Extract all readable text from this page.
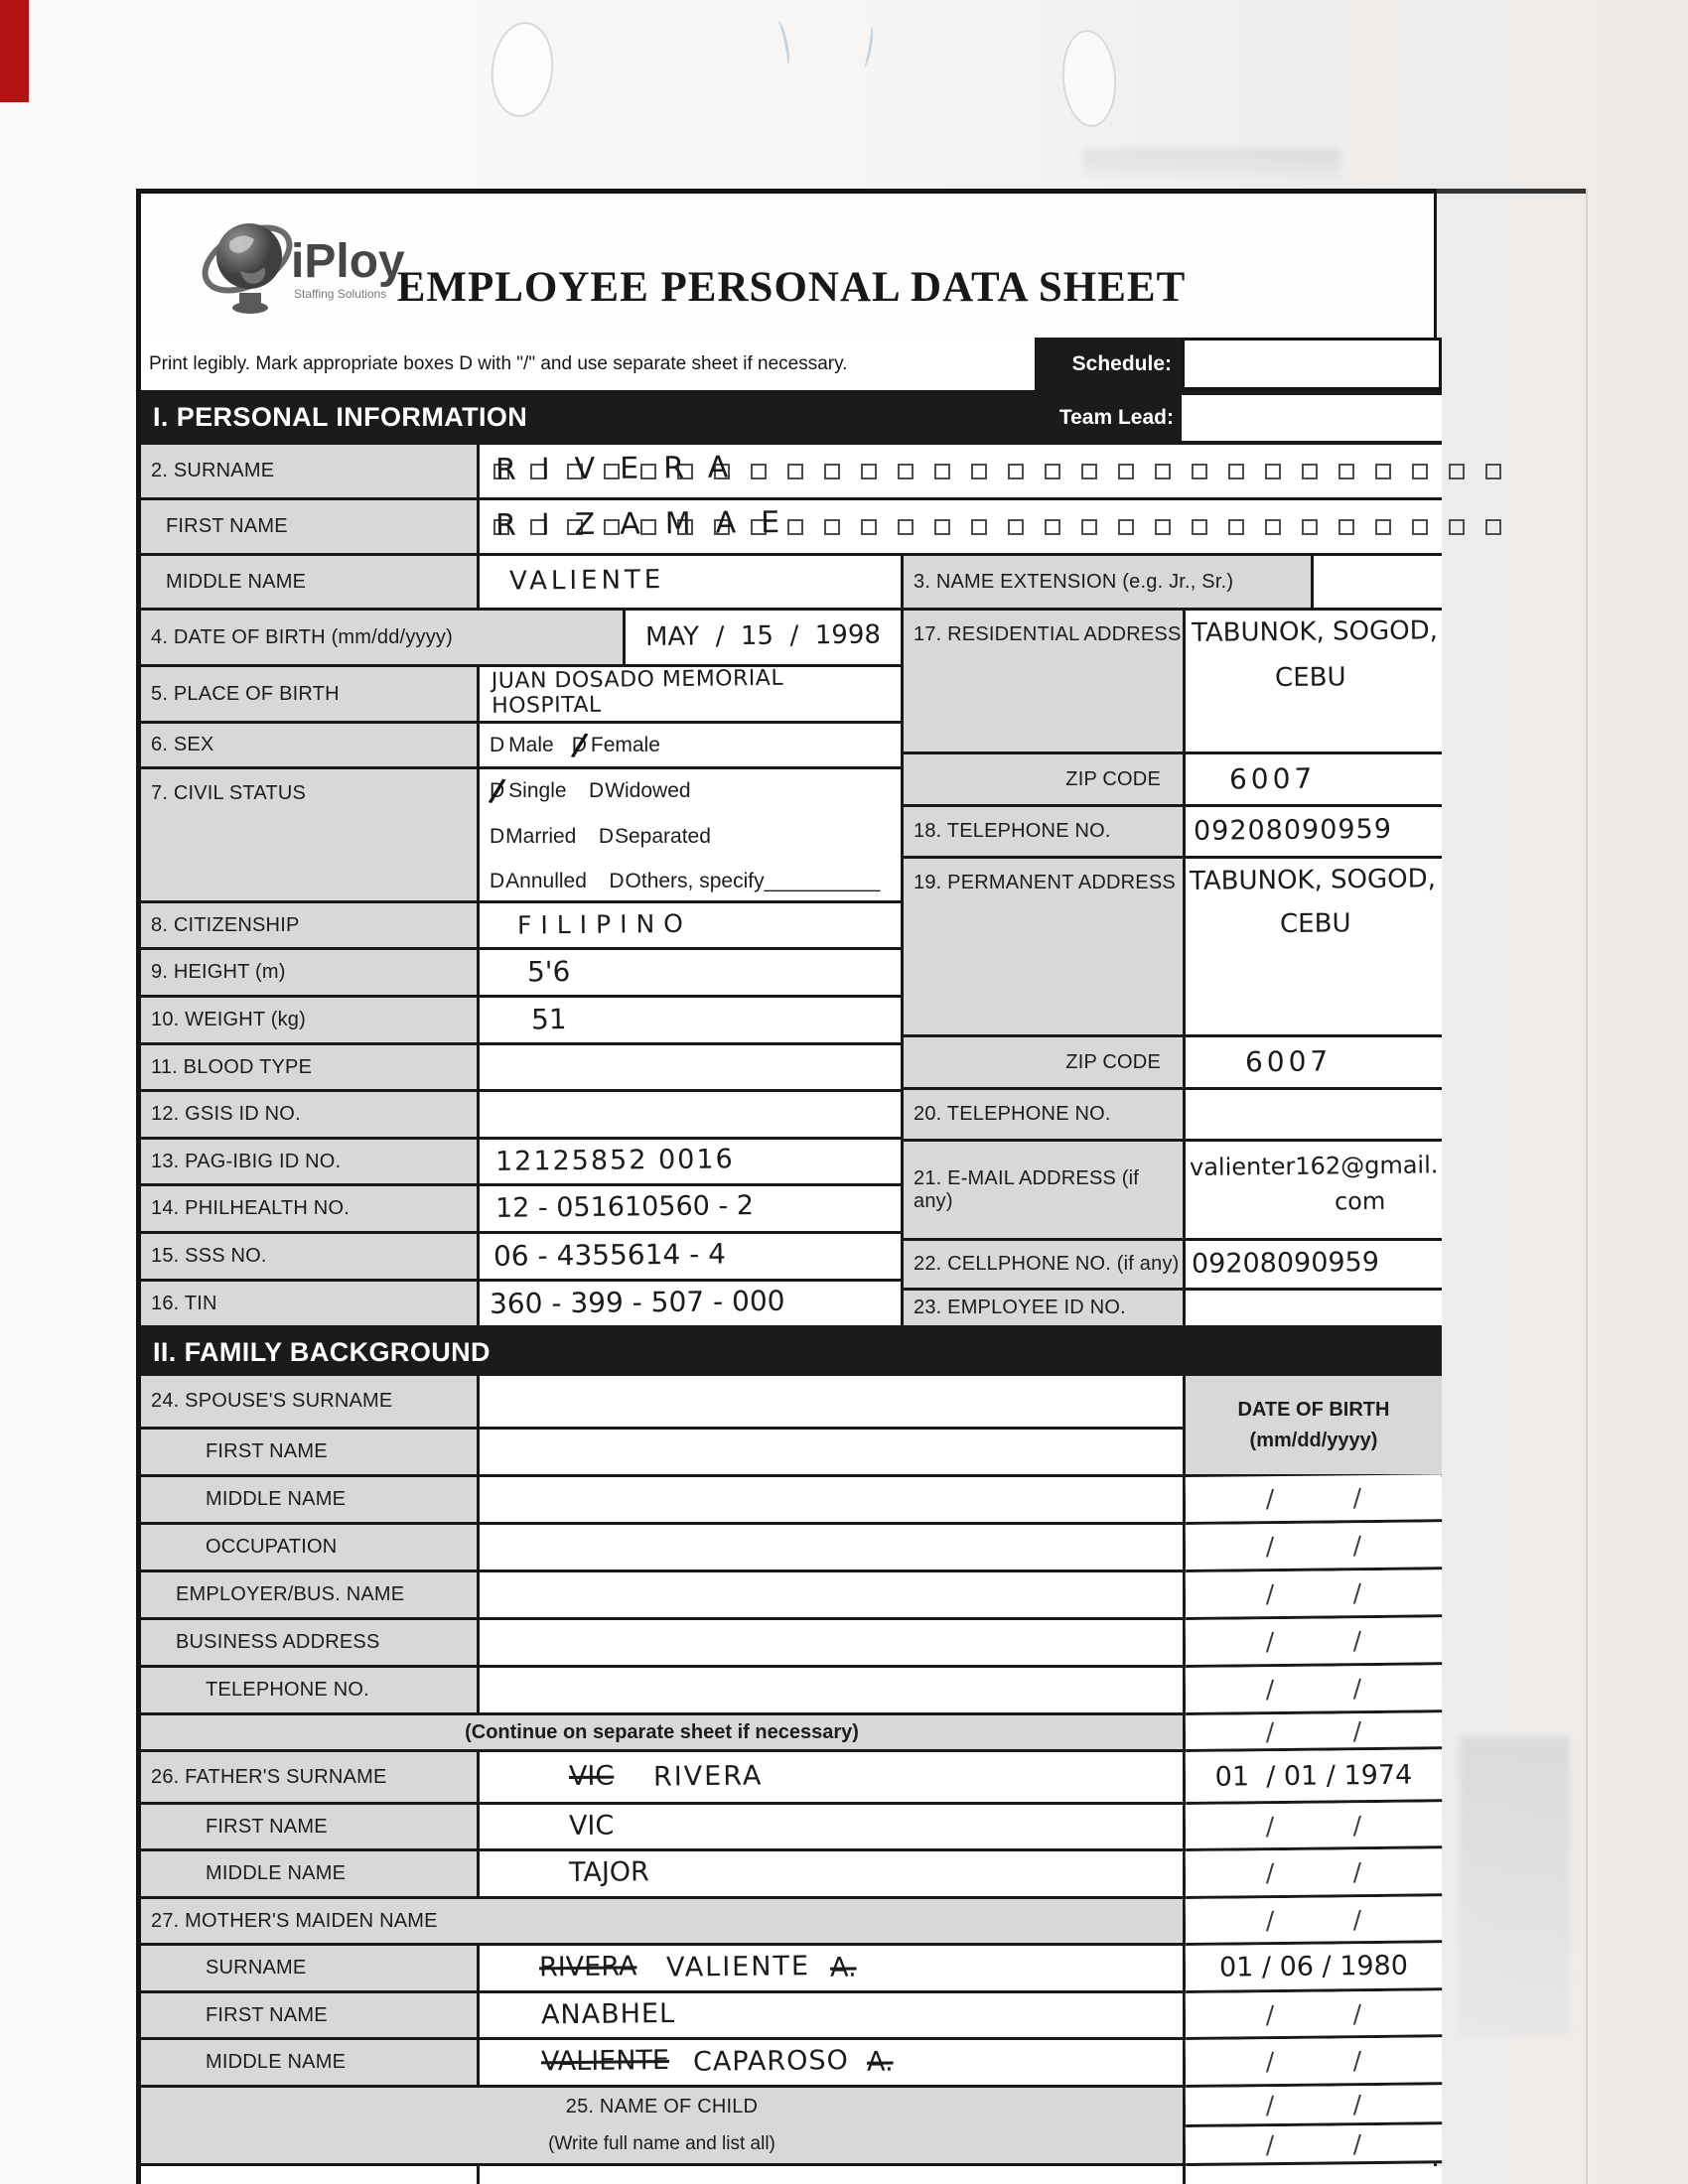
iPloy
Staffing Solutions EMPLOYEE PERSONAL DATA SHEET
Print legibly. Mark appropriate boxes D with "/" and use separate sheet if necessary.	Schedule:
I. PERSONAL INFORMATION	Team Lead:
2. SURNAME	RIVERA
FIRST NAME	RIZAMAE
MIDDLE NAME	VALIENTE	3. NAME EXTENSION (e.g. Jr., Sr.)
4. DATE OF BIRTH (mm/dd/yyyy)	MAY  /  15  /  1998	17. RESIDENTIAL ADDRESS TABUNOK, SOGOD,
CEBU
5. PLACE OF BIRTH	JUAN DOSADO MEMORIAL HOSPITAL
6. SEX	D Male D / Female
7. CIVIL STATUS	D / Single
D Widowed
D Married
D Separated
D Annulled
D Others, specify__________
ZIP CODE	6007
18. TELEPHONE NO.	09208090959
19. PERMANENT ADDRESS TABUNOK, SOGOD,
CEBU
8. CITIZENSHIP	FILIPINO
9. HEIGHT (m)	5'6
10. WEIGHT (kg)	51
11. BLOOD TYPE
12. GSIS ID NO.
13. PAG-IBIG ID NO.	12125852 0016
14. PHILHEALTH NO.	12 - 051610560 - 2
15. SSS NO.	06 - 4355614 - 4
16. TIN	360 - 399 - 507 - 000
ZIP CODE	6007
20. TELEPHONE NO.
21. E-MAIL ADDRESS (if any)
valienter162@gmail.
com
22. CELLPHONE NO. (if any) 09208090959
23. EMPLOYEE ID NO.
II. FAMILY BACKGROUND
24. SPOUSE'S SURNAME	DATE OF BIRTH
(mm/dd/yyyy)
FIRST NAME
MIDDLE NAME	/          /
OCCUPATION	/          /
EMPLOYER/BUS. NAME	/          /
BUSINESS ADDRESS	/          /
TELEPHONE NO.	/          /
(Continue on separate sheet if necessary)	/          /
26. FATHER'S SURNAME	VIC	RIVERA	01  / 01 / 1974
FIRST NAME	VIC	/          /
MIDDLE NAME	TAJOR	/          /
27. MOTHER'S MAIDEN NAME	/          /
SURNAME	RIVERA	VALIENTE A.	01 / 06 / 1980
FIRST NAME	ANABHEL	/          /
MIDDLE NAME	VALIENTE CAPAROSO A.	/          /
25. NAME OF CHILD
(Write full name and list all)
/          /
/          /
